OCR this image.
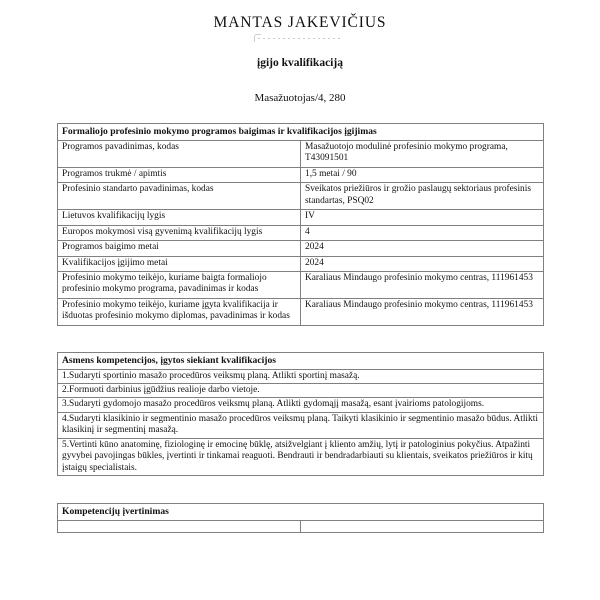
MANTAS JAKEVIČIUS
įgijo kvalifikaciją
Masažuotojas/4, 280
Formaliojo profesinio mokymo programos baigimas ir kvalifikacijos įgijimas	
Programos pavadinimas, kodas	Masažuotojo modulinė profesinio mokymo programa, T43091501
Programos trukmė / apimtis	1,5 metai / 90
Profesinio standarto pavadinimas, kodas	Sveikatos priežiūros ir grožio paslaugų sektoriaus profesinis standartas, PSQ02
Lietuvos kvalifikacijų lygis	IV
Europos mokymosi visą gyvenimą kvalifikacijų lygis	4
Programos baigimo metai	2024
Kvalifikacijos įgijimo metai	2024
Profesinio mokymo teikėjo, kuriame baigta formaliojo profesinio mokymo programa, pavadinimas ir kodas	Karaliaus Mindaugo profesinio mokymo centras, 111961453
Profesinio mokymo teikėjo, kuriame įgyta kvalifikacija ir išduotas profesinio mokymo diplomas, pavadinimas ir kodas	Karaliaus Mindaugo profesinio mokymo centras, 111961453
Asmens kompetencijos, įgytos siekiant kvalifikacijos
1.Sudaryti sportinio masažo procedūros veiksmų planą. Atlikti sportinį masažą.
2.Formuoti darbinius įgūdžius realioje darbo vietoje.
3.Sudaryti gydomojo masažo procedūros veiksmų planą. Atlikti gydomąjį masažą, esant įvairioms patologijoms.
4.Sudaryti klasikinio ir segmentinio masažo procedūros veiksmų planą. Taikyti klasikinio ir segmentinio masažo būdus. Atlikti klasikinį ir segmentinį masažą.
5.Vertinti kūno anatominę, fiziologinę ir emocinę būklę, atsižvelgiant į kliento amžių, lytį ir patologinius pokyčius. Atpažinti gyvybei pavojingas būkles, įvertinti ir tinkamai reaguoti. Bendrauti ir bendradarbiauti su klientais, sveikatos priežiūros ir kitų įstaigų specialistais.
Kompetencijų įvertinimas
